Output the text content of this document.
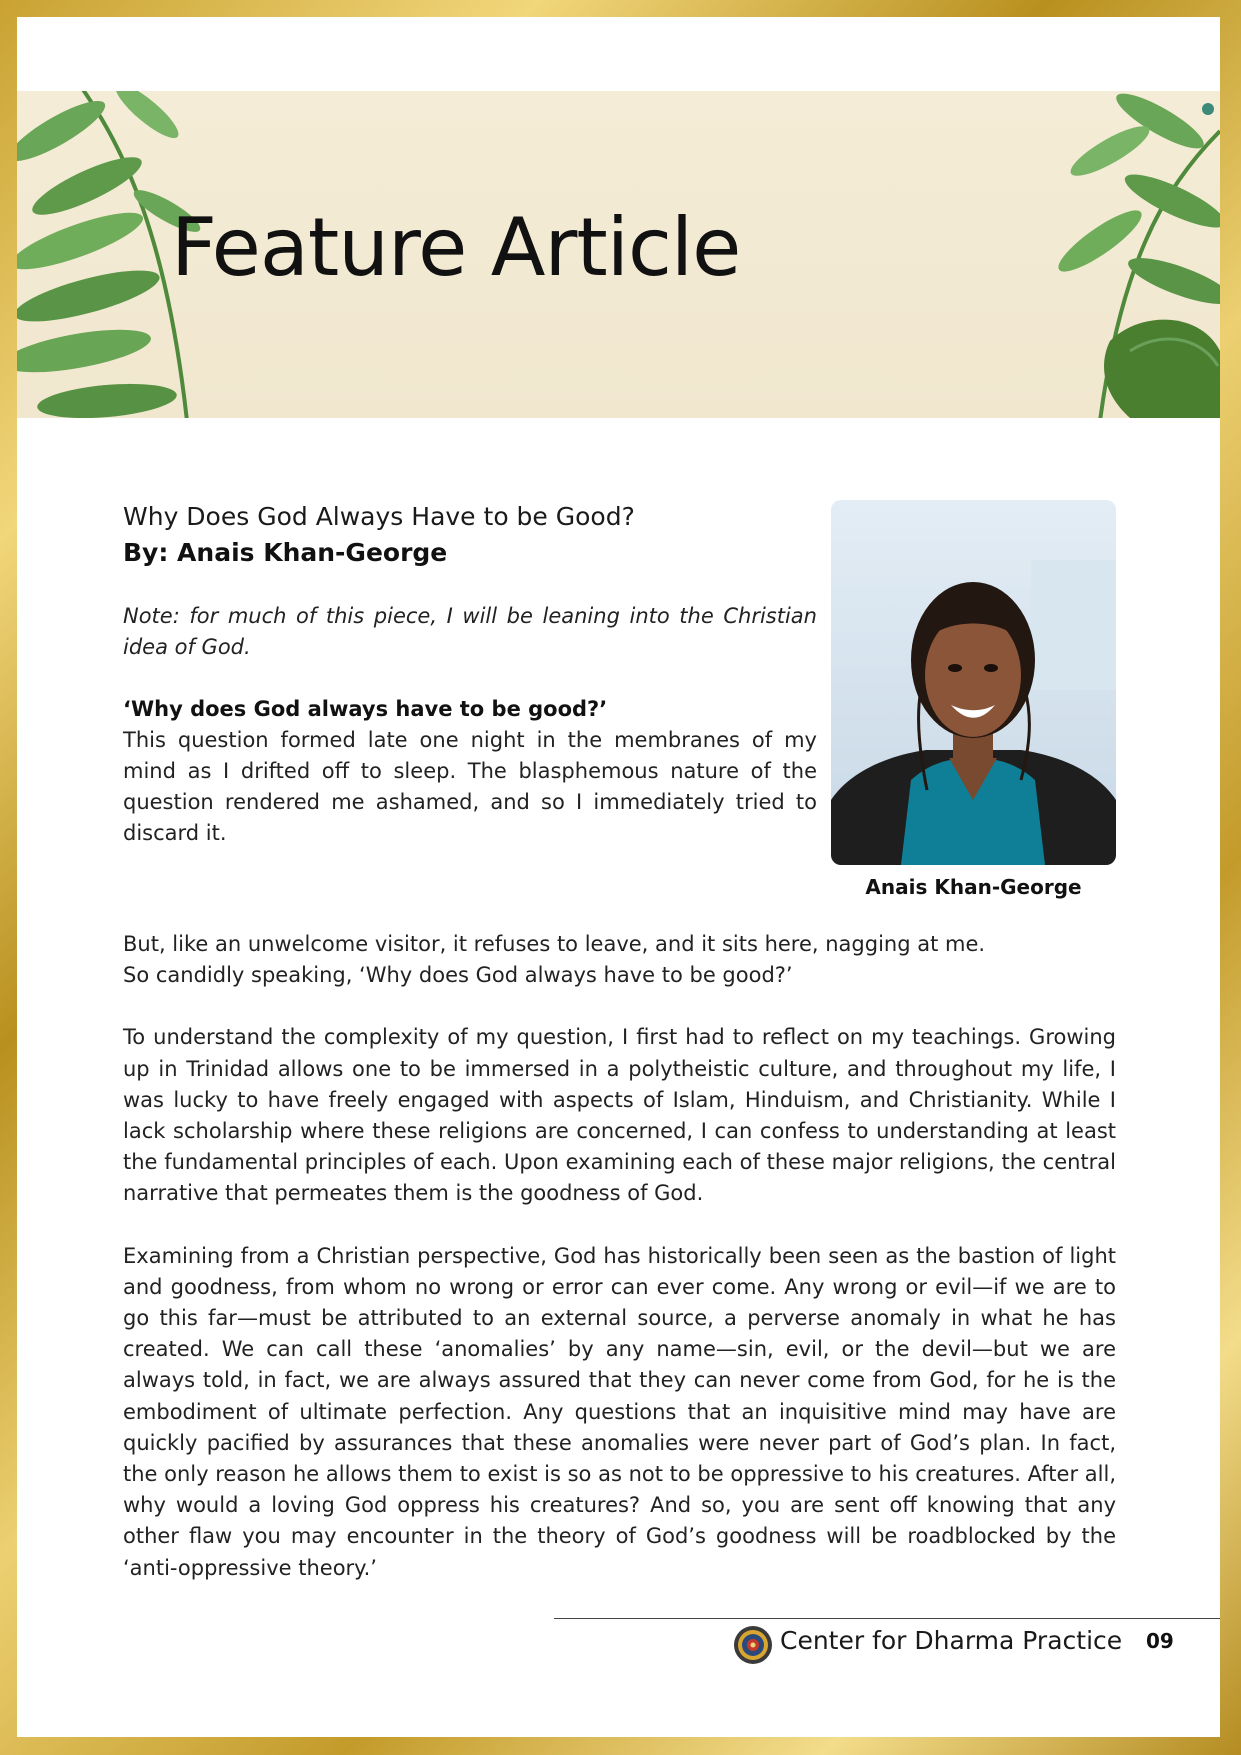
Feature Article

Why Does God Always Have to be Good?

By: Anais Khan-George

Note: for much of this piece, I will be leaning into the Christian idea of God.
‘Why does God always have to be good?’
This question formed late one night in the membranes of my mind as I drifted off to sleep. The blasphemous nature of the question rendered me ashamed, and so I immediately tried to discard it.
Anais Khan-George

But, like an unwelcome visitor, it refuses to leave, and it sits here, nagging at me.
So candidly speaking, ‘Why does God always have to be good?’

To understand the complexity of my question, I first had to reflect on my teachings. Growing up in Trinidad allows one to be immersed in a polytheistic culture, and throughout my life, I was lucky to have freely engaged with aspects of Islam, Hinduism, and Christianity. While I lack scholarship where these religions are concerned, I can confess to understanding at least the fundamental principles of each. Upon examining each of these major religions, the central narrative that permeates them is the goodness of God.

Examining from a Christian perspective, God has historically been seen as the bastion of light and goodness, from whom no wrong or error can ever come. Any wrong or evil—if we are to go this far—must be attributed to an external source, a perverse anomaly in what he has created. We can call these ‘anomalies’ by any name—sin, evil, or the devil—but we are always told, in fact, we are always assured that they can never come from God, for he is the embodiment of ultimate perfection. Any questions that an inquisitive mind may have are quickly pacified by assurances that these anomalies were never part of God’s plan. In fact, the only reason he allows them to exist is so as not to be oppressive to his creatures. After all, why would a loving God oppress his creatures? And so, you are sent off knowing that any other flaw you may encounter in the theory of God’s goodness will be roadblocked by the ‘anti-oppressive theory.’

Center for Dharma Practice 09
